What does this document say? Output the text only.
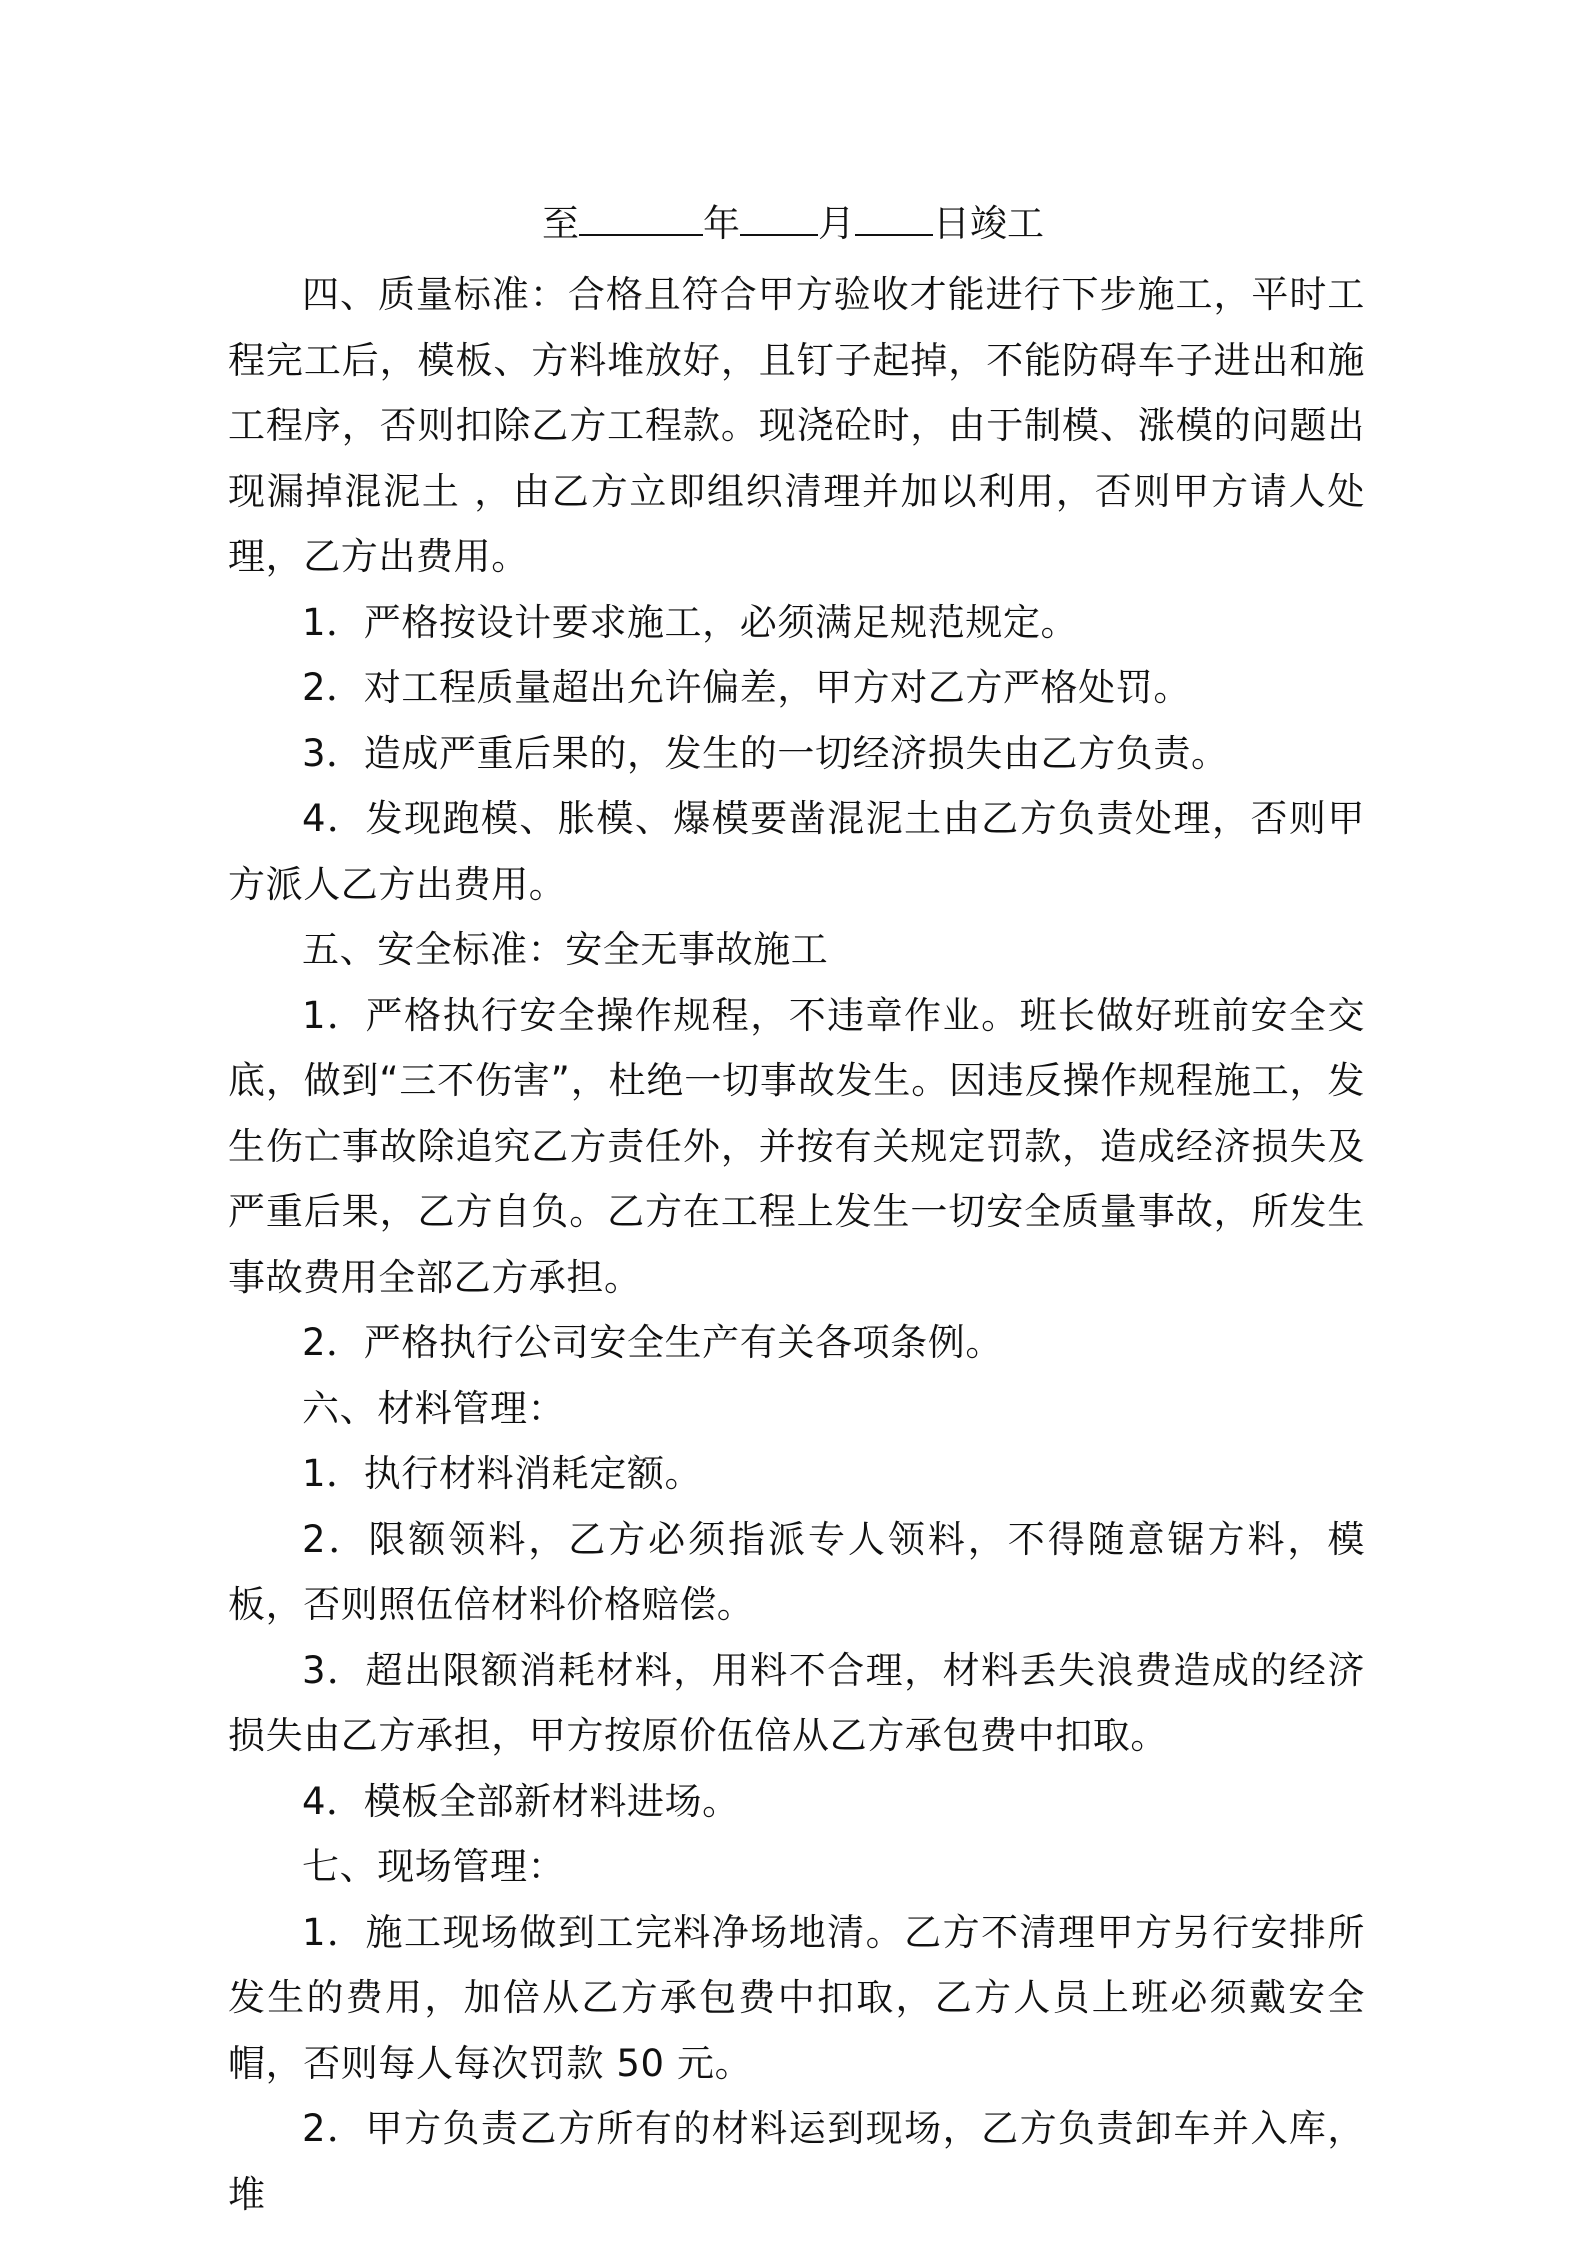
至	年 月 日竣工

四、质量标准：合格且符合甲方验收才能进行下步施工，平时工程完工后，模板、方料堆放好，且钉子起掉，不能防碍车子进出和施工程序，否则扣除乙方工程款。现浇砼时，由于制模、涨模的问题出现漏掉混泥土 ，由乙方立即组织清理并加以利用，否则甲方请人处理，乙方出费用。

1．严格按设计要求施工，必须满足规范规定。

2．对工程质量超出允许偏差，甲方对乙方严格处罚。

3．造成严重后果的，发生的一切经济损失由乙方负责。

4．发现跑模、胀模、爆模要凿混泥土由乙方负责处理，否则甲方派人乙方出费用。

五、安全标准：安全无事故施工

1．严格执行安全操作规程，不违章作业。班长做好班前安全交底，做到“三不伤害”，杜绝一切事故发生。因违反操作规程施工，发生伤亡事故除追究乙方责任外，并按有关规定罚款，造成经济损失及严重后果，乙方自负。乙方在工程上发生一切安全质量事故，所发生事故费用全部乙方承担。

2．严格执行公司安全生产有关各项条例。

六、材料管理：

1．执行材料消耗定额。

2．限额领料，乙方必须指派专人领料，不得随意锯方料，模板，否则照伍倍材料价格赔偿。

3．超出限额消耗材料，用料不合理，材料丢失浪费造成的经济损失由乙方承担，甲方按原价伍倍从乙方承包费中扣取。

4．模板全部新材料进场。

七、现场管理：

1．施工现场做到工完料净场地清。乙方不清理甲方另行安排所发生的费用，加倍从乙方承包费中扣取，乙方人员上班必须戴安全帽，否则每人每次罚款 50 元。

2．甲方负责乙方所有的材料运到现场，乙方负责卸车并入库，堆
